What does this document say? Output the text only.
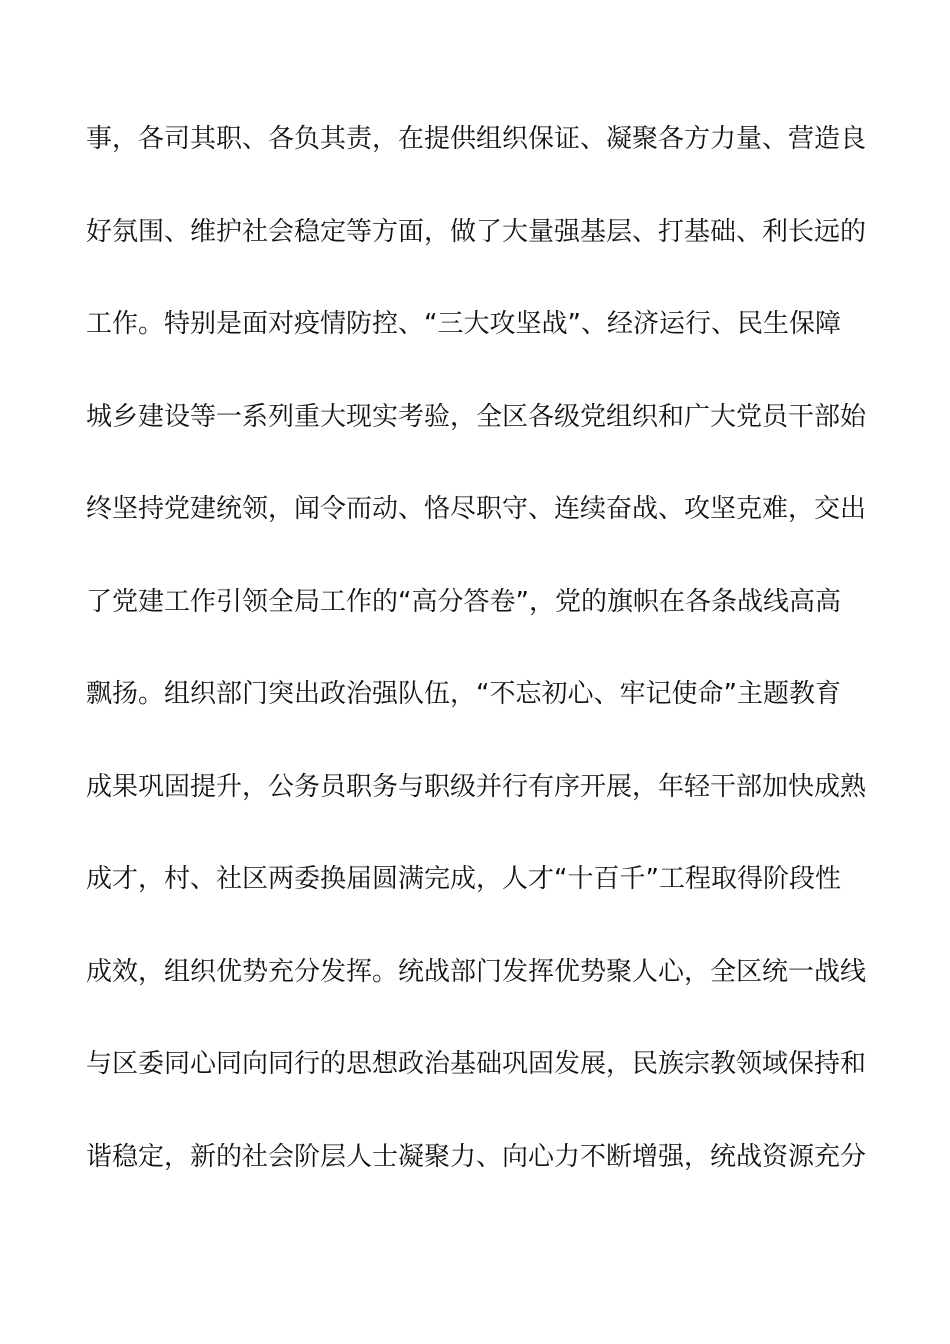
事，各司其职、各负其责，在提供组织保证、凝聚各方力量、营造良
好氛围、维护社会稳定等方面，做了大量强基层、打基础、利长远的
工作。特别是面对疫情防控、“三大攻坚战”、经济运行、民生保障
城乡建设等一系列重大现实考验，全区各级党组织和广大党员干部始
终坚持党建统领，闻令而动、恪尽职守、连续奋战、攻坚克难，交出
了党建工作引领全局工作的“高分答卷”，党的旗帜在各条战线高高
飘扬。组织部门突出政治强队伍，“不忘初心、牢记使命”主题教育
成果巩固提升，公务员职务与职级并行有序开展，年轻干部加快成熟
成才，村、社区两委换届圆满完成，人才“十百千”工程取得阶段性
成效，组织优势充分发挥。统战部门发挥优势聚人心，全区统一战线
与区委同心同向同行的思想政治基础巩固发展，民族宗教领域保持和
谐稳定，新的社会阶层人士凝聚力、向心力不断增强，统战资源充分
